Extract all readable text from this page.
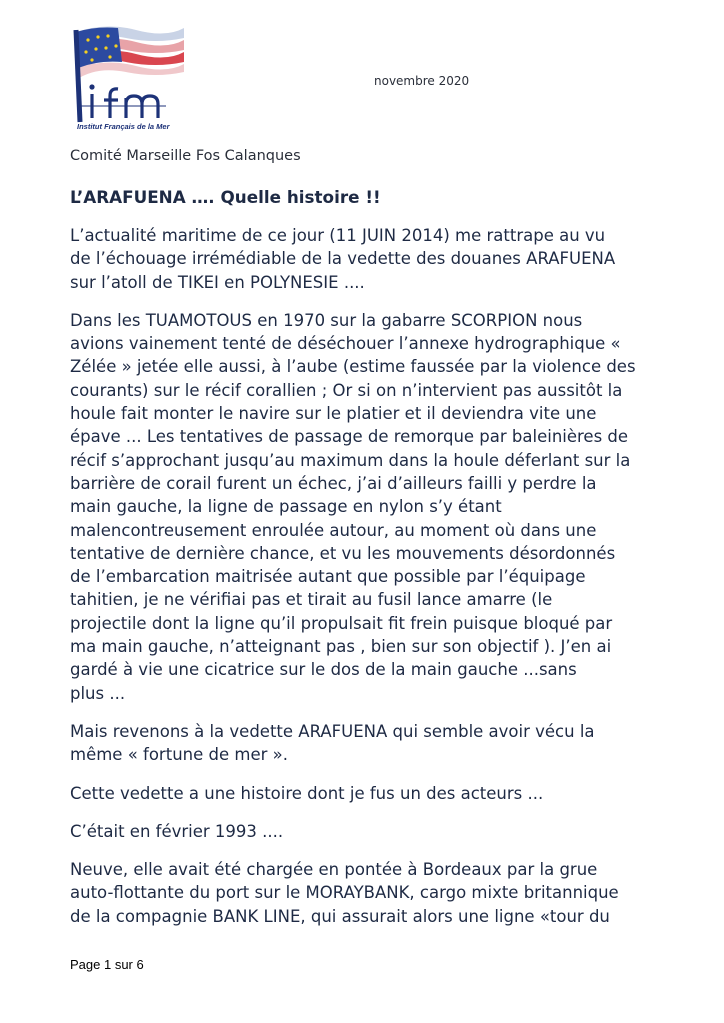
Institut Français de la Mer
novembre 2020
Comité Marseille Fos Calanques
L’ARAFUENA …. Quelle histoire !!

L’actualité maritime de ce jour (11 JUIN 2014) me rattrape au vu
de l’échouage irrémédiable de la vedette des douanes ARAFUENA
sur l’atoll de TIKEI en POLYNESIE ....

Dans les TUAMOTOUS en 1970 sur la gabarre SCORPION nous
avions vainement tenté de déséchouer l’annexe hydrographique «
Zélée » jetée elle aussi, à l’aube (estime faussée par la violence des
courants) sur le récif corallien ; Or si on n’intervient pas aussitôt la
houle fait monter le navire sur le platier et il deviendra vite une
épave ... Les tentatives de passage de remorque par baleinières de
récif s’approchant jusqu’au maximum dans la houle déferlant sur la
barrière de corail furent un échec, j’ai d’ailleurs failli y perdre la
main gauche, la ligne de passage en nylon s’y étant
malencontreusement enroulée autour, au moment où dans une
tentative de dernière chance, et vu les mouvements désordonnés
de l’embarcation maitrisée autant que possible par l’équipage
tahitien, je ne vérifiai pas et tirait au fusil lance amarre (le
projectile dont la ligne qu’il propulsait fit frein puisque bloqué par
ma main gauche, n’atteignant pas , bien sur son objectif ). J’en ai
gardé à vie une cicatrice sur le dos de la main gauche ...sans
plus ...

Mais revenons à la vedette ARAFUENA qui semble avoir vécu la
même « fortune de mer ».

Cette vedette a une histoire dont je fus un des acteurs ...

C’était en février 1993 ....

Neuve, elle avait été chargée en pontée à Bordeaux par la grue
auto-flottante du port sur le MORAYBANK, cargo mixte britannique
de la compagnie BANK LINE, qui assurait alors une ligne «tour du

Page 1 sur 6
